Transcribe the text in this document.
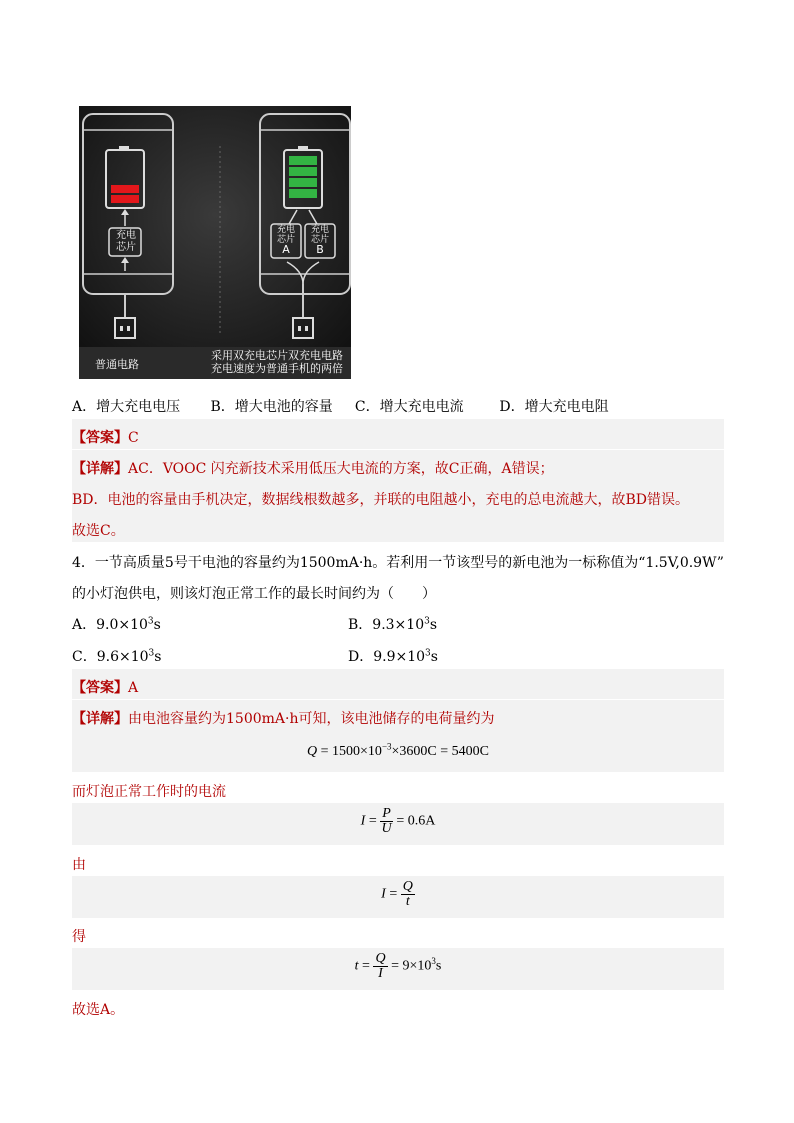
充电
芯片
充电
芯片
A
充电
芯片
B
普通电路
采用双充电芯片双充电电路
充电速度为普通手机的两倍
A．增大充电电压 B．增大电池的容量 C．增大充电电流	D．增大充电电阻
【答案】C
【详解】AC．VOOC 闪充新技术采用低压大电流的方案，故C正确，A错误；
BD．电池的容量由手机决定，数据线根数越多，并联的电阻越小，充电的总电流越大，故BD错误。
故选C。
4．一节高质量5号干电池的容量约为1500mA·h。若利用一节该型号的新电池为一标称值为“1.5V,0.9W”
的小灯泡供电，则该灯泡正常工作的最长时间约为（　　）
A．$9.0\times 10^3s$	B．$9.3\times 10^3s$
C．$9.6\times 10^3s$	D．$9.9\times 10^3s$
【答案】A
【详解】由电池容量约为1500mA·h可知，该电池储存的电荷量约为
$Q = 1500\times 10^{-3}\times 3600C = 5400C$
而灯泡正常工作时的电流
$I = \frac{P}{U} = 0.6A$
由
$I = \frac{Q}{t}$
得
$t = \frac{Q}{I} = 9\times 10^3s$
故选A。
